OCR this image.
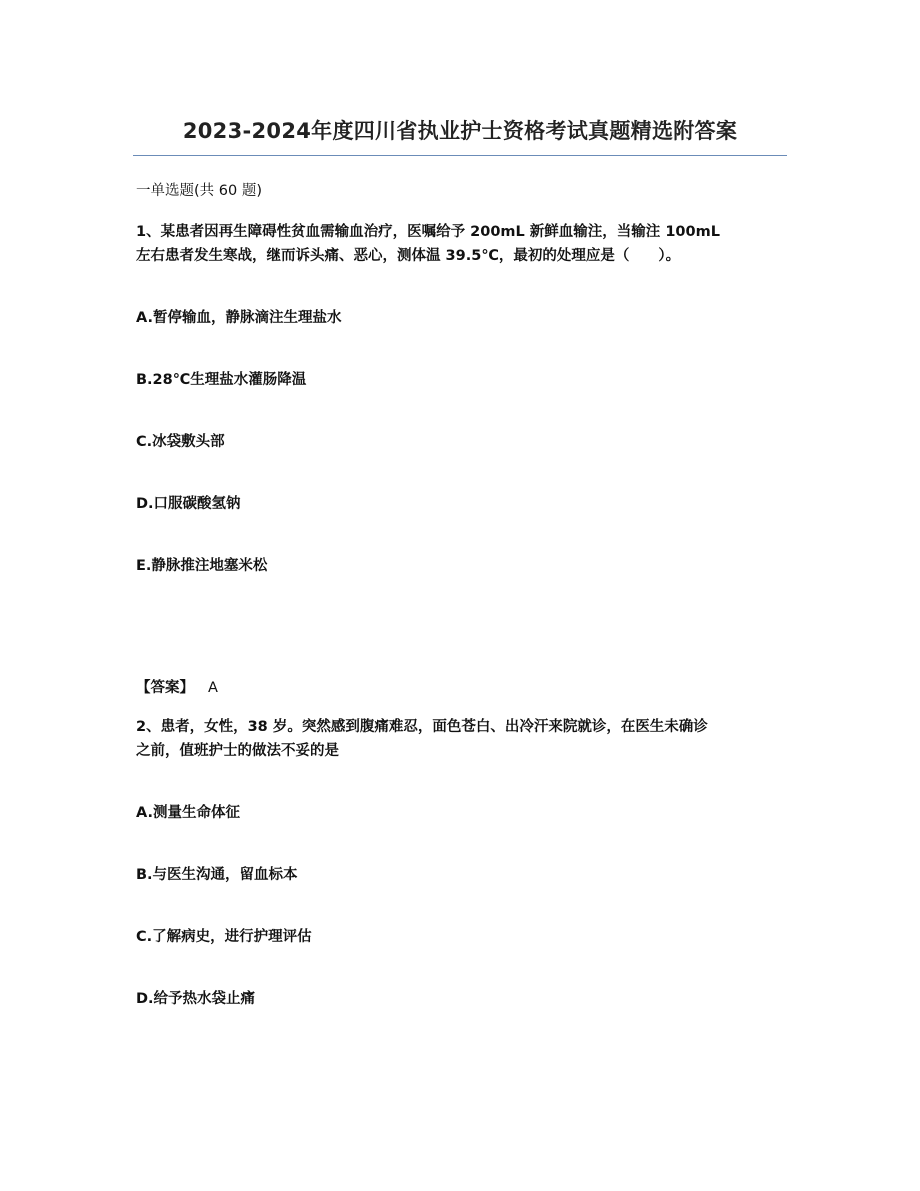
2023-2024年度四川省执业护士资格考试真题精选附答案
一单选题(共 60 题)
1、某患者因再生障碍性贫血需输血治疗，医嘱给予 200mL 新鲜血输注，当输注 100mL
左右患者发生寒战，继而诉头痛、恶心，测体温 39.5℃，最初的处理应是（　　）。
A.暂停输血，静脉滴注生理盐水
B.28℃生理盐水灌肠降温
C.冰袋敷头部
D.口服碳酸氢钠
E.静脉推注地塞米松
【答案】 A
2、患者，女性，38 岁。突然感到腹痛难忍，面色苍白、出冷汗来院就诊，在医生未确诊
之前，值班护士的做法不妥的是
A.测量生命体征
B.与医生沟通，留血标本
C.了解病史，进行护理评估
D.给予热水袋止痛
